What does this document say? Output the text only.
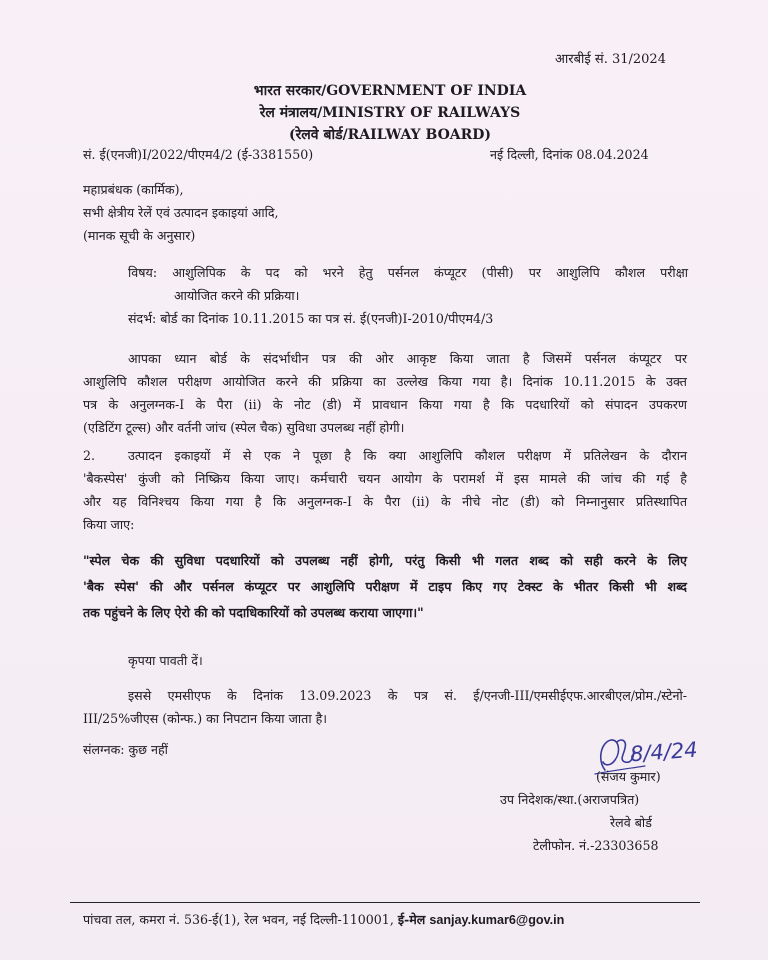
आरबीई सं. 31/2024
भारत सरकार/GOVERNMENT OF INDIA
रेल मंत्रालय/MINISTRY OF RAILWAYS
(रेलवे बोर्ड/RAILWAY BOARD)
सं. ई(एनजी)I/2022/पीएम4/2 (ई-3381550)	नई दिल्ली, दिनांक 08.04.2024
महाप्रबंधक (कार्मिक),
सभी क्षेत्रीय रेलें एवं उत्पादन इकाइयां आदि,
(मानक सूची के अनुसार)
विषय: आशुलिपिक के पद को भरने हेतु पर्सनल कंप्यूटर (पीसी) पर आशुलिपि कौशल परीक्षा
आयोजित करने की प्रक्रिया।
संदर्भ: बोर्ड का दिनांक 10.11.2015 का पत्र सं. ई(एनजी)I-2010/पीएम4/3
आपका ध्यान बोर्ड के संदर्भाधीन पत्र की ओर आकृष्ट किया जाता है जिसमें पर्सनल कंप्यूटर पर
आशुलिपि कौशल परीक्षण आयोजित करने की प्रक्रिया का उल्लेख किया गया है। दिनांक 10.11.2015 के उक्त
पत्र के अनुलग्नक-I के पैरा (ii) के नोट (डी) में प्रावधान किया गया है कि पदधारियों को संपादन उपकरण
(एडिटिंग टूल्स) और वर्तनी जांच (स्पेल चैक) सुविधा उपलब्ध नहीं होगी।
2.	उत्पादन इकाइयों में से एक ने पूछा है कि क्या आशुलिपि कौशल परीक्षण में प्रतिलेखन के दौरान
'बैकस्पेस' कुंजी को निष्क्रिय किया जाए। कर्मचारी चयन आयोग के परामर्श में इस मामले की जांच की गई है
और यह विनिश्चय किया गया है कि अनुलग्नक-I के पैरा (ii) के नीचे नोट (डी) को निम्नानुसार प्रतिस्थापित
किया जाए:
"स्पेल चेक की सुविधा पदधारियों को उपलब्ध नहीं होगी, परंतु किसी भी गलत शब्द को सही करने के लिए
'बैक स्पेस' की और पर्सनल कंप्यूटर पर आशुलिपि परीक्षण में टाइप किए गए टेक्स्ट के भीतर किसी भी शब्द
तक पहुंचने के लिए ऐरो की को पदाधिकारियों को उपलब्ध कराया जाएगा।"
कृपया पावती दें।
इससे एमसीएफ के दिनांक 13.09.2023 के पत्र सं. ई/एनजी-III/एमसीईएफ.आरबीएल/प्रोम./स्टेनो-
III/25%जीएस (कोन्फ.) का निपटान किया जाता है।
संलग्नक: कुछ नहीं	8/4/24
(संजय कुमार)
उप निदेशक/स्था.(अराजपत्रित)
रेलवे बोर्ड
टेलीफोन. नं.-23303658
पांचवा तल, कमरा नं. 536-ई(1), रेल भवन, नई दिल्ली-110001, ई-मेल sanjay.kumar6@gov.in
